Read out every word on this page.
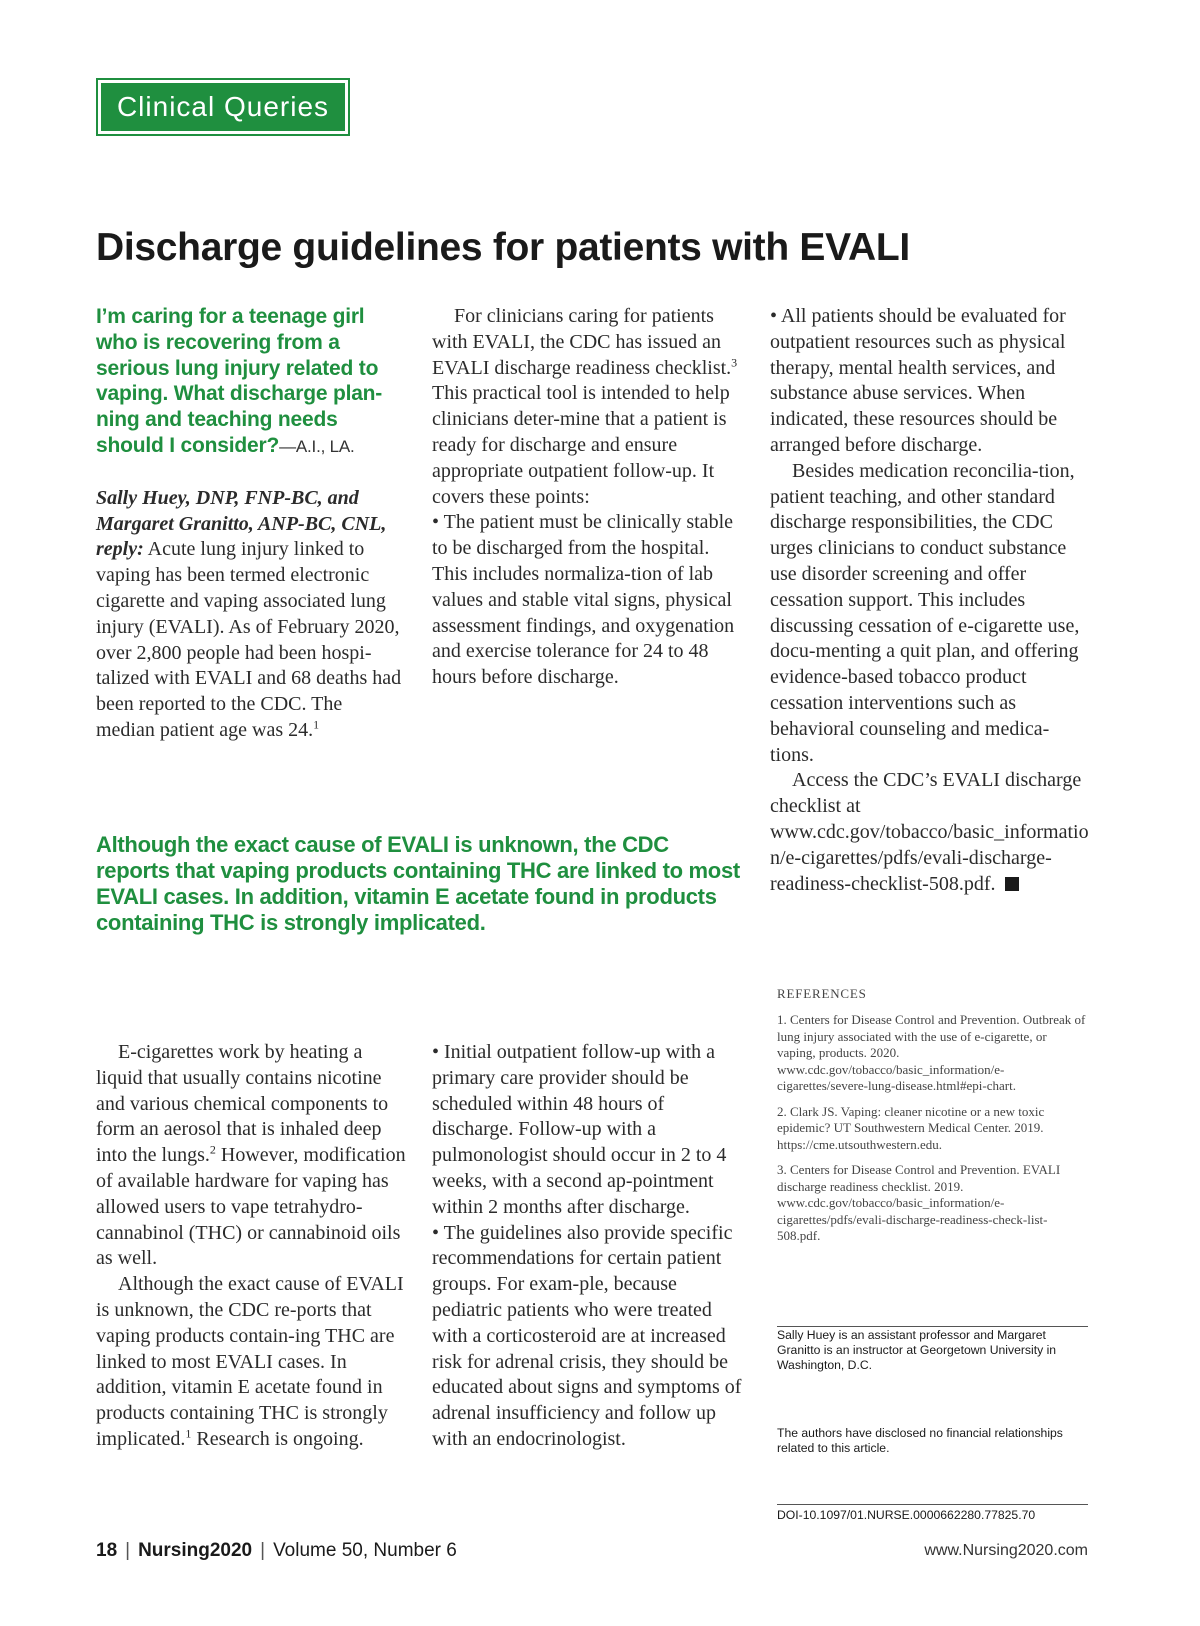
Clinical Queries
Discharge guidelines for patients with EVALI

I’m caring for a teenage girl who is recovering from a serious lung injury related to vaping. What discharge plan-ning and teaching needs should I consider?—A.I., LA.

Sally Huey, DNP, FNP-BC, and Margaret Granitto, ANP-BC, CNL, reply: Acute lung injury linked to vaping has been termed electronic cigarette and vaping associated lung injury (EVALI). As of February 2020, over 2,800 people had been hospi-talized with EVALI and 68 deaths had been reported to the CDC. The median patient age was 24.$^1$

For clinicians caring for patients with EVALI, the CDC has issued an EVALI discharge readiness checklist.$^3$ This practical tool is intended to help clinicians deter-mine that a patient is ready for discharge and ensure appropriate outpatient follow-up. It covers these points:

• The patient must be clinically stable to be discharged from the hospital. This includes normaliza-tion of lab values and stable vital signs, physical assessment findings, and oxygenation and exercise tolerance for 24 to 48 hours before discharge.

• All patients should be evaluated for outpatient resources such as physical therapy, mental health services, and substance abuse services. When indicated, these resources should be arranged before discharge.

Besides medication reconcilia-tion, patient teaching, and other standard discharge responsibilities, the CDC urges clinicians to conduct substance use disorder screening and offer cessation support. This includes discussing cessation of e-cigarette use, docu-menting a quit plan, and offering evidence-based tobacco product cessation interventions such as behavioral counseling and medica-tions.

Access the CDC’s EVALI discharge checklist at www.cdc.gov/tobacco/basic_information/e-cigarettes/pdfs/evali-discharge-readiness-checklist-508.pdf.

Although the exact cause of EVALI is unknown, the CDC reports that vaping products containing THC are linked to most EVALI cases. In addition, vitamin E acetate found in products containing THC is strongly implicated.

E-cigarettes work by heating a liquid that usually contains nicotine and various chemical components to form an aerosol that is inhaled deep into the lungs.$^2$ However, modification of available hardware for vaping has allowed users to vape tetrahydro-cannabinol (THC) or cannabinoid oils as well.

Although the exact cause of EVALI is unknown, the CDC re-ports that vaping products contain-ing THC are linked to most EVALI cases. In addition, vitamin E acetate found in products containing THC is strongly implicated.$^1$ Research is ongoing.

• Initial outpatient follow-up with a primary care provider should be scheduled within 48 hours of discharge. Follow-up with a pulmonologist should occur in 2 to 4 weeks, with a second ap-pointment within 2 months after discharge.

• The guidelines also provide specific recommendations for certain patient groups. For exam-ple, because pediatric patients who were treated with a corticosteroid are at increased risk for adrenal crisis, they should be educated about signs and symptoms of adrenal insufficiency and follow up with an endocrinologist.

REFERENCES

1. Centers for Disease Control and Prevention. Outbreak of lung injury associated with the use of e-cigarette, or vaping, products. 2020. www.cdc.gov/tobacco/basic_information/e-cigarettes/severe-lung-disease.html#epi-chart.

2. Clark JS. Vaping: cleaner nicotine or a new toxic epidemic? UT Southwestern Medical Center. 2019. https://cme.utsouthwestern.edu.

3. Centers for Disease Control and Prevention. EVALI discharge readiness checklist. 2019. www.cdc.gov/tobacco/basic_information/e-cigarettes/pdfs/evali-discharge-readiness-check-list-508.pdf.

Sally Huey is an assistant professor and Margaret Granitto is an instructor at Georgetown University in Washington, D.C.
The authors have disclosed no financial relationships related to this article.
DOI-10.1097/01.NURSE.0000662280.77825.70
18 | Nursing2020 | Volume 50, Number 6	www.Nursing2020.com
